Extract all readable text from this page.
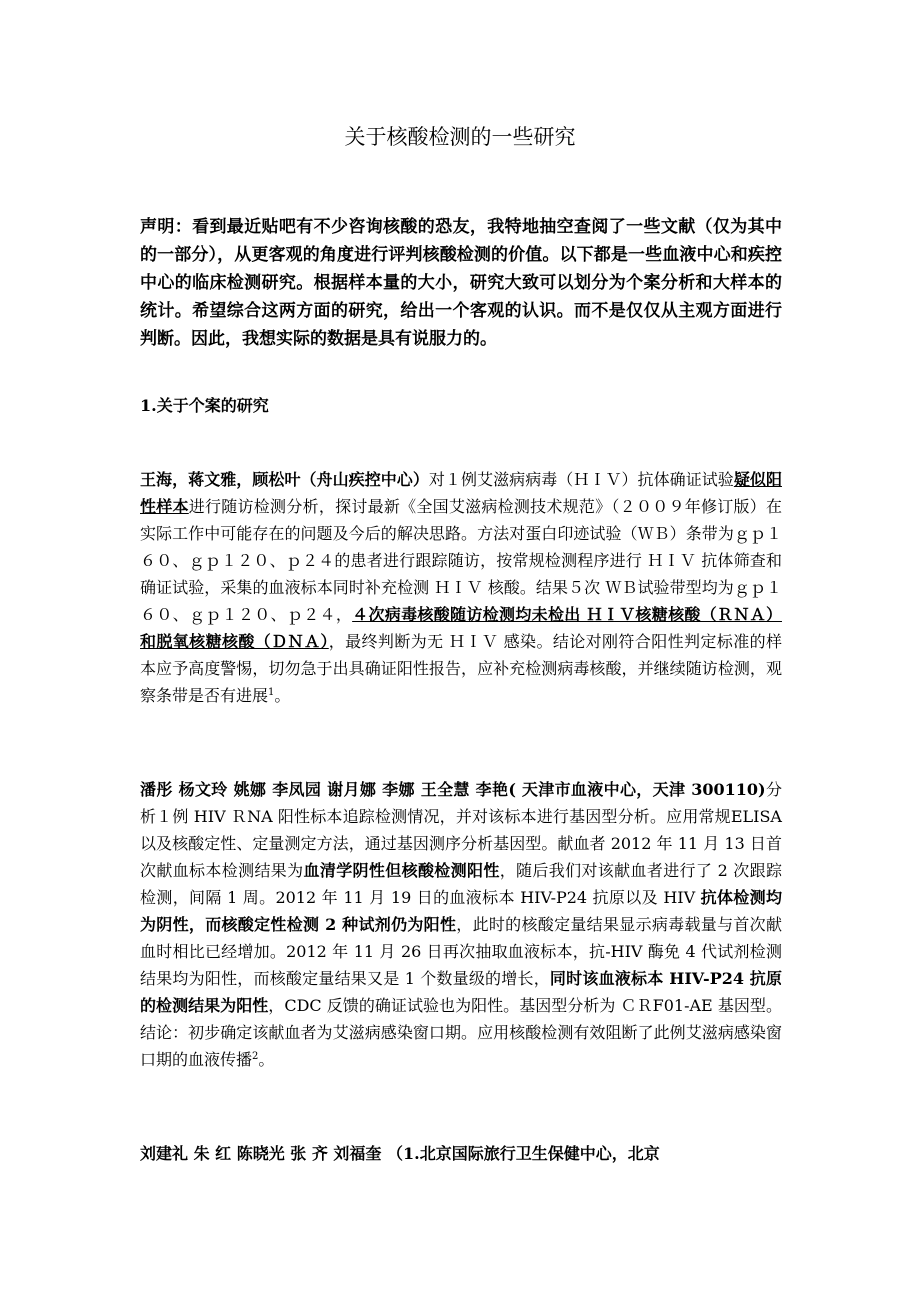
关于核酸检测的一些研究
声明：看到最近贴吧有不少咨询核酸的恐友，我特地抽空查阅了一些文献（仅为其中的一部分），从更客观的角度进行评判核酸检测的价值。以下都是一些血液中心和疾控中心的临床检测研究。根据样本量的大小，研究大致可以划分为个案分析和大样本的统计。希望综合这两方面的研究，给出一个客观的认识。而不是仅仅从主观方面进行判断。因此，我想实际的数据是具有说服力的。
1.关于个案的研究
王海，蒋文雅，顾松叶（舟山疾控中心）对１例艾滋病病毒（ＨＩＶ）抗体确证试验疑似阳性样本进行随访检测分析，探讨最新《全国艾滋病检测技术规范》（２００９年修订版）在实际工作中可能存在的问题及今后的解决思路。方法对蛋白印迹试验（ＷＢ）条带为ｇｐ１６０、ｇｐ１２０、ｐ２４的患者进行跟踪随访，按常规检测程序进行 ＨＩＶ 抗体筛查和确证试验，采集的血液标本同时补充检测 ＨＩＶ 核酸。结果５次 ＷＢ试验带型均为ｇｐ１６０、ｇｐ１２０、ｐ２４，４次病毒核酸随访检测均未检出 ＨＩＶ核糖核酸（ＲＮＡ）和脱氧核糖核酸（ＤＮＡ），最终判断为无 ＨＩＶ 感染。结论对刚符合阳性判定标准的样本应予高度警惕，切勿急于出具确证阳性报告，应补充检测病毒核酸，并继续随访检测，观察条带是否有进展$^1$。
潘彤 杨文玲 姚娜 李凤园 谢月娜 李娜 王全慧 李艳( 天津市血液中心，天津 300110)分析１例 HIV ＲNA 阳性标本追踪检测情况，并对该标本进行基因型分析。应用常规ELISA 以及核酸定性、定量测定方法，通过基因测序分析基因型。献血者 2012 年 11 月 13 日首次献血标本检测结果为血清学阴性但核酸检测阳性，随后我们对该献血者进行了 2 次跟踪检测，间隔 1 周。2012 年 11 月 19 日的血液标本 HIV-P24 抗原以及 HIV 抗体检测均为阴性，而核酸定性检测 2 种试剂仍为阳性，此时的核酸定量结果显示病毒载量与首次献血时相比已经增加。2012 年 11 月 26 日再次抽取血液标本，抗-HIV 酶免 4 代试剂检测结果均为阳性，而核酸定量结果又是 1 个数量级的增长，同时该血液标本 HIV-P24 抗原的检测结果为阳性，CDC 反馈的确证试验也为阳性。基因型分析为 ＣＲF01-AE 基因型。结论：初步确定该献血者为艾滋病感染窗口期。应用核酸检测有效阻断了此例艾滋病感染窗口期的血液传播$^2$。
刘建礼 朱 红 陈晓光 张 齐 刘福奎 （1.北京国际旅行卫生保健中心，北京
